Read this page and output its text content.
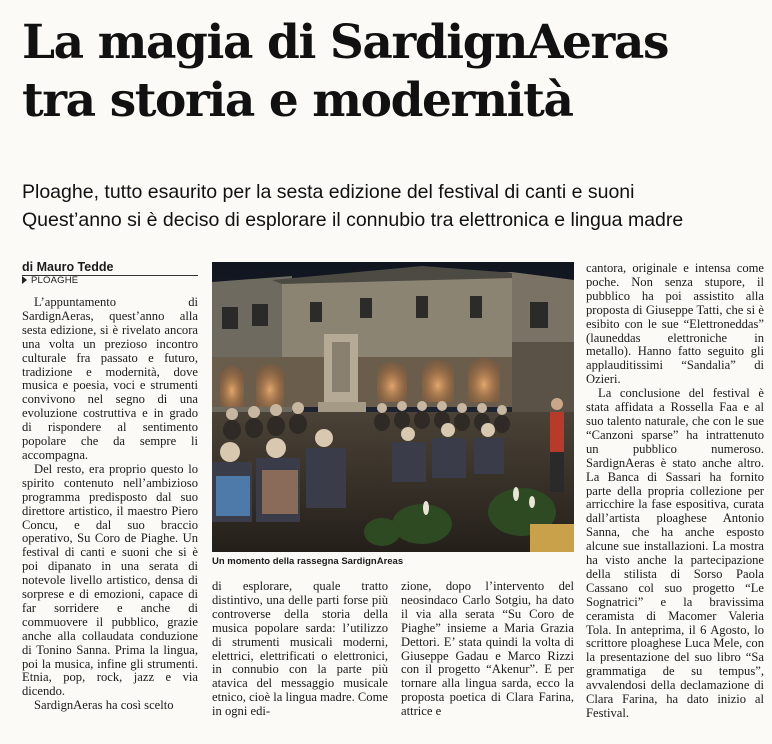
La magia di SardignAeras
tra storia e modernità
Ploaghe, tutto esaurito per la sesta edizione del festival di canti e suoni
Quest’anno si è deciso di esplorare il connubio tra elettronica e lingua madre
di Mauro Tedde
PLOAGHE

L’appuntamento di SardignAeras, quest’anno alla sesta edizione, si è rivelato ancora una volta un prezioso incontro culturale fra passato e futuro, tradizione e modernità, dove musica e poesia, voci e strumenti convivono nel segno di una evoluzione costruttiva e in grado di rispondere al sentimento popolare che da sempre li accompagna.

Del resto, era proprio questo lo spirito contenuto nell’ambizioso programma predisposto dal suo direttore artistico, il maestro Piero Concu, e dal suo braccio operativo, Su Coro de Piaghe. Un festival di canti e suoni che si è poi dipanato in una serata di notevole livello artistico, densa di sorprese e di emozioni, capace di far sorridere e anche di commuovere il pubblico, grazie anche alla collaudata conduzione di Tonino Sanna. Prima la lingua, poi la musica, infine gli strumenti. Etnia, pop, rock, jazz e via dicendo.

SardignAeras ha così scelto

Un momento della rassegna SardignAreas

di esplorare, quale tratto distintivo, una delle parti forse più controverse della storia della musica popolare sarda: l’utilizzo di strumenti musicali moderni, elettrici, elettrificati o elettronici, in connubio con la parte più atavica del messaggio musicale etnico, cioè la lingua madre. Come in ogni edi-

zione, dopo l’intervento del neosindaco Carlo Sotgiu, ha dato il via alla serata “Su Coro de Piaghe” insieme a Maria Grazia Dettori. E’ stata quindi la volta di Giuseppe Gadau e Marco Rizzi con il progetto “Akenur”. E per tornare alla lingua sarda, ecco la proposta poetica di Clara Farina, attrice e

cantora, originale e intensa come poche. Non senza stupore, il pubblico ha poi assistito alla proposta di Giuseppe Tatti, che si è esibito con le sue “Elettroneddas” (launeddas elettroniche in metallo). Hanno fatto seguito gli applauditissimi “Sandalia” di Ozieri.

La conclusione del festival è stata affidata a Rossella Faa e al suo talento naturale, che con le sue “Canzoni sparse” ha intrattenuto un pubblico numeroso. SardignAeras è stato anche altro. La Banca di Sassari ha fornito parte della propria collezione per arricchire la fase espositiva, curata dall’artista ploaghese Antonio Sanna, che ha anche esposto alcune sue installazioni. La mostra ha visto anche la partecipazione della stilista di Sorso Paola Cassano col suo progetto “Le Sognatrici” e la bravissima ceramista di Macomer Valeria Tola. In anteprima, il 6 Agosto, lo scrittore ploaghese Luca Mele, con la presentazione del suo libro “Sa grammatiga de su tempus”, avvalendosi della declamazione di Clara Farina, ha dato inizio al Festival.
